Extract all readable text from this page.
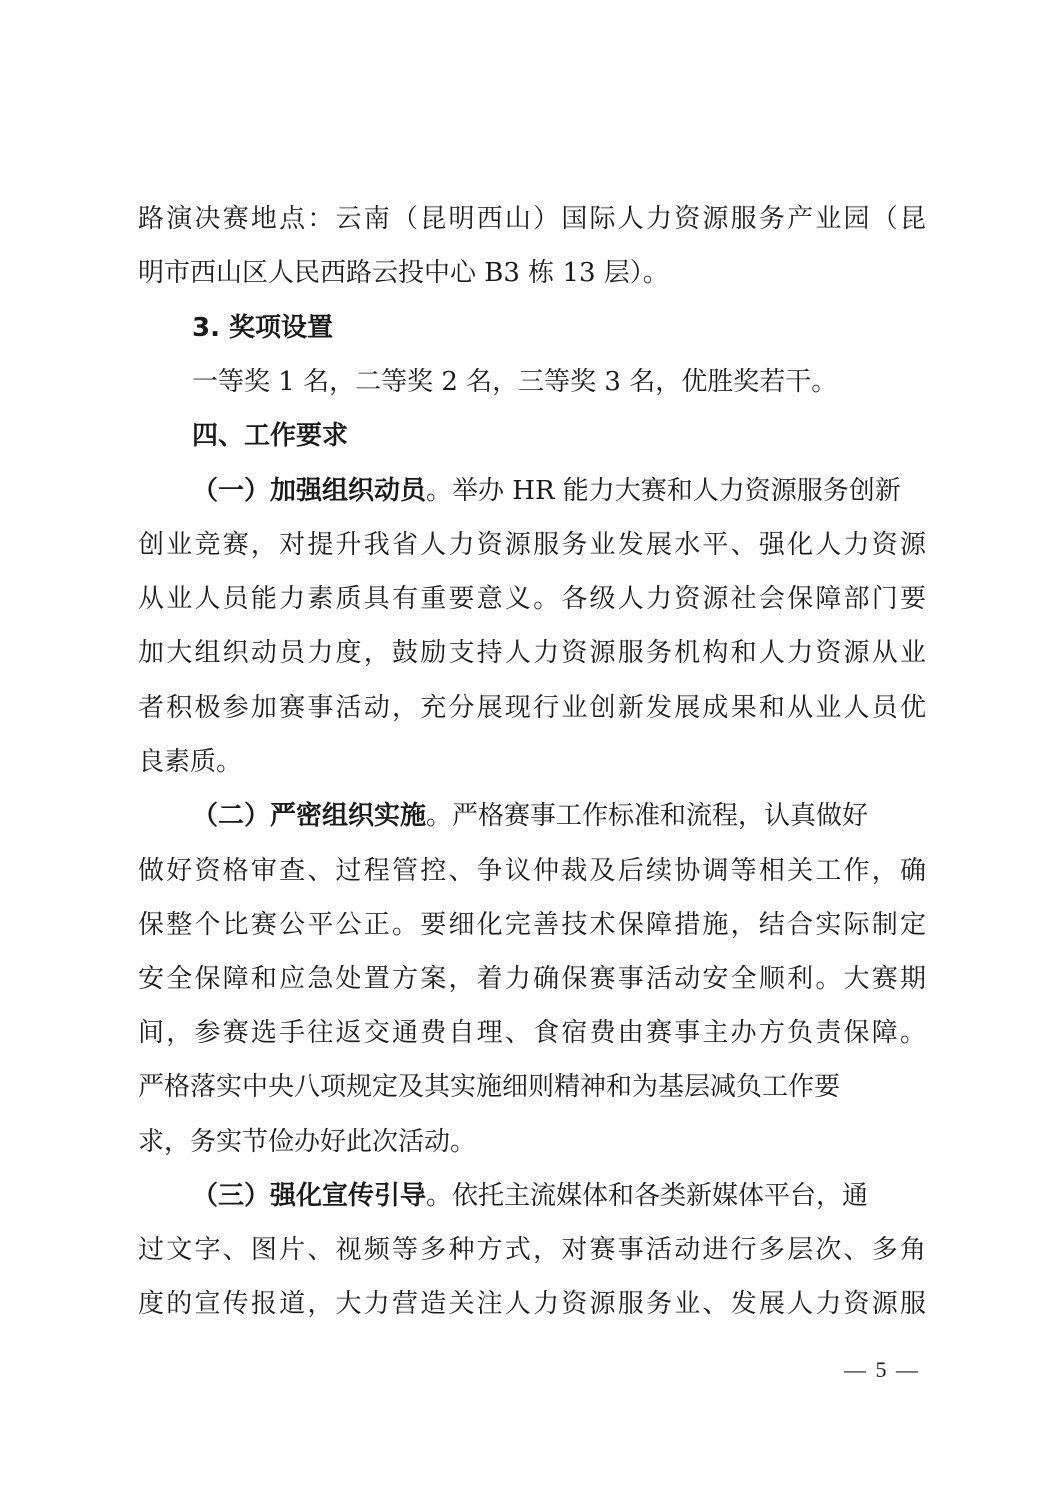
路演决赛地点：云南（昆明西山）国际人力资源服务产业园（昆
明市西山区人民西路云投中心 B3 栋 13 层）。
3. 奖项设置
一等奖 1 名，二等奖 2 名，三等奖 3 名，优胜奖若干。
四、工作要求
（一）加强组织动员。举办 HR 能力大赛和人力资源服务创新
创业竞赛，对提升我省人力资源服务业发展水平、强化人力资源
从业人员能力素质具有重要意义。各级人力资源社会保障部门要
加大组织动员力度，鼓励支持人力资源服务机构和人力资源从业
者积极参加赛事活动，充分展现行业创新发展成果和从业人员优
良素质。
（二）严密组织实施。严格赛事工作标准和流程，认真做好
做好资格审查、过程管控、争议仲裁及后续协调等相关工作，确
保整个比赛公平公正。要细化完善技术保障措施，结合实际制定
安全保障和应急处置方案，着力确保赛事活动安全顺利。大赛期
间，参赛选手往返交通费自理、食宿费由赛事主办方负责保障。
严格落实中央八项规定及其实施细则精神和为基层减负工作要
求，务实节俭办好此次活动。
（三）强化宣传引导。依托主流媒体和各类新媒体平台，通
过文字、图片、视频等多种方式，对赛事活动进行多层次、多角
度的宣传报道，大力营造关注人力资源服务业、发展人力资源服
— 5 —
